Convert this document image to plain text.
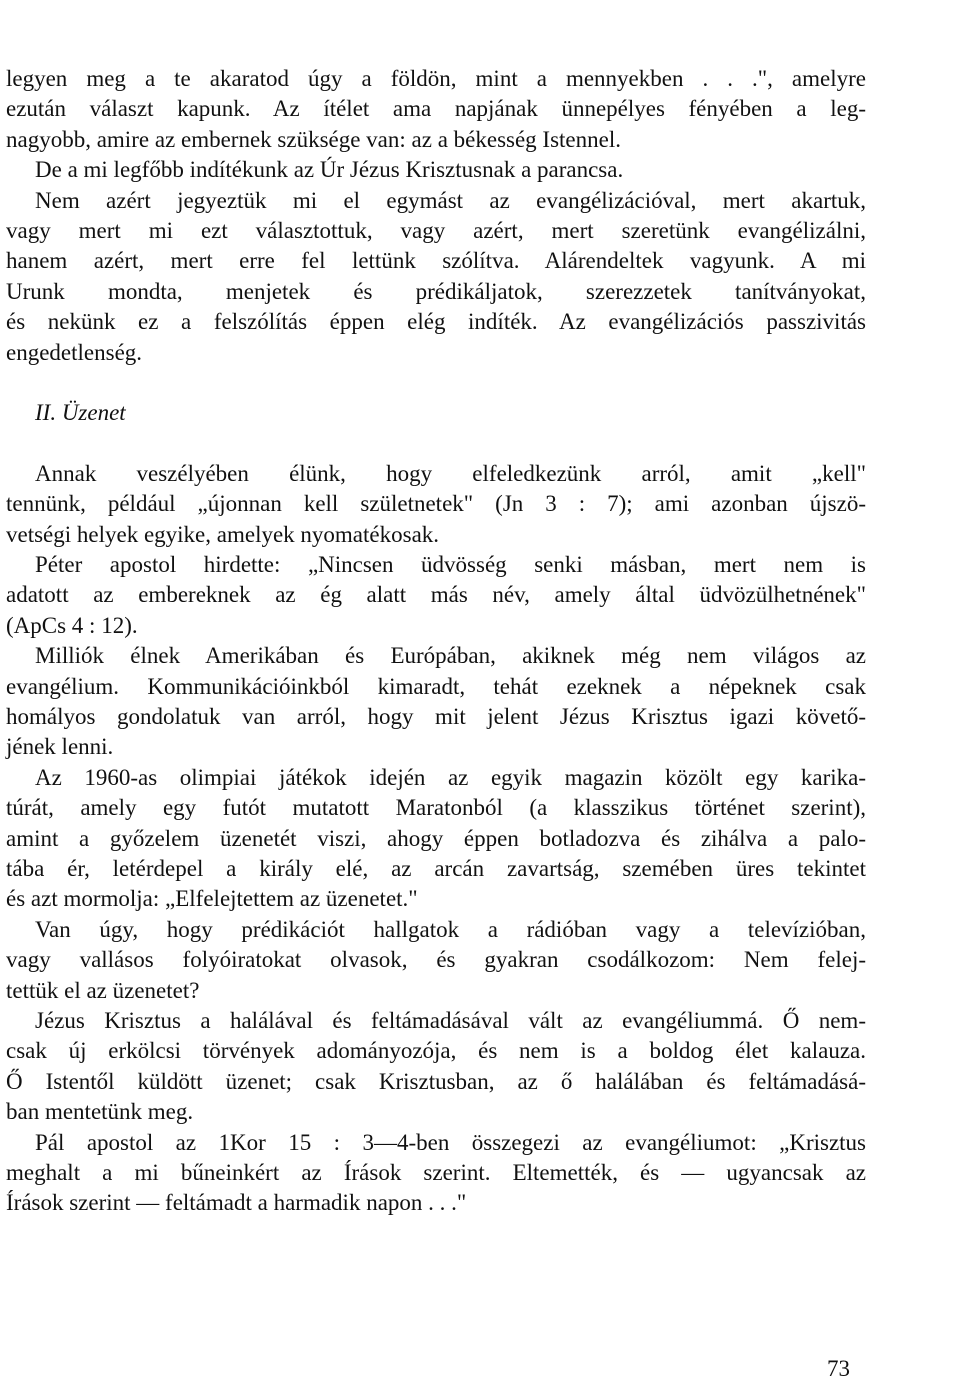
legyen meg a te akaratod úgy a földön, mint a mennyekben . . .", amelyre
ezután választ kapunk. Az ítélet ama napjának ünnepélyes fényében a leg-
nagyobb, amire az embernek szüksége van: az a békesség Istennel.
De a mi legfőbb indítékunk az Úr Jézus Krisztusnak a parancsa.
Nem azért jegyeztük mi el egymást az evangélizációval, mert akartuk,
vagy mert mi ezt választottuk, vagy azért, mert szeretünk evangélizálni,
hanem azért, mert erre fel lettünk szólítva. Alárendeltek vagyunk. A mi
Urunk mondta, menjetek és prédikáljatok, szerezzetek tanítványokat,
és nekünk ez a felszólítás éppen elég indíték. Az evangélizációs passzivitás
engedetlenség.
II. Üzenet
Annak veszélyében élünk, hogy elfeledkezünk arról, amit „kell"
tennünk, például „újonnan kell születnetek" (Jn 3 : 7); ami azonban újszö-
vetségi helyek egyike, amelyek nyomatékosak.
Péter apostol hirdette: „Nincsen üdvösség senki másban, mert nem is
adatott az embereknek az ég alatt más név, amely által üdvözülhetnének"
(ApCs 4 : 12).
Milliók élnek Amerikában és Európában, akiknek még nem világos az
evangélium. Kommunikációinkból kimaradt, tehát ezeknek a népeknek csak
homályos gondolatuk van arról, hogy mit jelent Jézus Krisztus igazi követő-
jének lenni.
Az 1960-as olimpiai játékok idején az egyik magazin közölt egy karika-
túrát, amely egy futót mutatott Maratonból (a klasszikus történet szerint),
amint a győzelem üzenetét viszi, ahogy éppen botladozva és zihálva a palo-
tába ér, letérdepel a király elé, az arcán zavartság, szemében üres tekintet
és azt mormolja: „Elfelejtettem az üzenetet."
Van úgy, hogy prédikációt hallgatok a rádióban vagy a televízióban,
vagy vallásos folyóiratokat olvasok, és gyakran csodálkozom: Nem felej-
tettük el az üzenetet?
Jézus Krisztus a halálával és feltámadásával vált az evangéliummá. Ő nem-
csak új erkölcsi törvények adományozója, és nem is a boldog élet kalauza.
Ő Istentől küldött üzenet; csak Krisztusban, az ő halálában és feltámadásá-
ban mentetünk meg.
Pál apostol az 1Kor 15 : 3—4-ben összegezi az evangéliumot: „Krisztus
meghalt a mi bűneinkért az Írások szerint. Eltemették, és — ugyancsak az
Írások szerint — feltámadt a harmadik napon . . ."
73
